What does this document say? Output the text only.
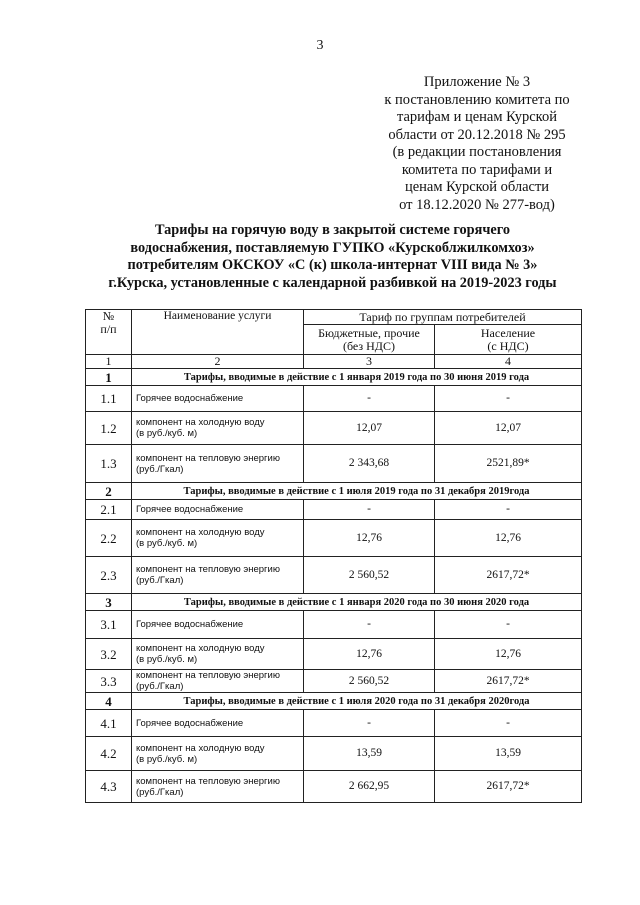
3
Приложение № 3
к постановлению комитета по
тарифам и ценам Курской
области от 20.12.2018 № 295
(в редакции постановления
комитета по тарифами и
ценам Курской области
от 18.12.2020 № 277-вод)
Тарифы на горячую воду в закрытой системе горячего
водоснабжения, поставляемую ГУПКО «Курскоблжилкомхоз»
потребителям ОКСКОУ «С (к) школа-интернат VIII вида № 3»
г.Курска, установленные с календарной разбивкой на 2019-2023 годы
№
п/п	Наименование услуги	Тариф по группам потребителей	
		Бюджетные, прочие
(без НДС)	Население
(с НДС)
1	2	3	4
1	Тарифы, вводимые в действие с 1 января 2019 года по 30 июня 2019 года		
1.1	Горячее водоснабжение	-	-
1.2	компонент на холодную воду
(в руб./куб. м)	12,07	12,07
1.3	компонент на тепловую энергию
(руб./Гкал)	2 343,68	2521,89*
2	Тарифы, вводимые в действие с 1 июля 2019 года по 31 декабря 2019года		
2.1	Горячее водоснабжение	-	-
2.2	компонент на холодную воду
(в руб./куб. м)	12,76	12,76
2.3	компонент на тепловую энергию
(руб./Гкал)	2 560,52	2617,72*
3	Тарифы, вводимые в действие с 1 января 2020 года по 30 июня 2020 года		
3.1	Горячее водоснабжение	-	-
3.2	компонент на холодную воду
(в руб./куб. м)	12,76	12,76
3.3	компонент на тепловую энергию
(руб./Гкал)	2 560,52	2617,72*
4	Тарифы, вводимые в действие с 1 июля 2020 года по 31 декабря 2020года		
4.1	Горячее водоснабжение	-	-
4.2	компонент на холодную воду
(в руб./куб. м)	13,59	13,59
4.3	компонент на тепловую энергию
(руб./Гкал)	2 662,95	2617,72*
